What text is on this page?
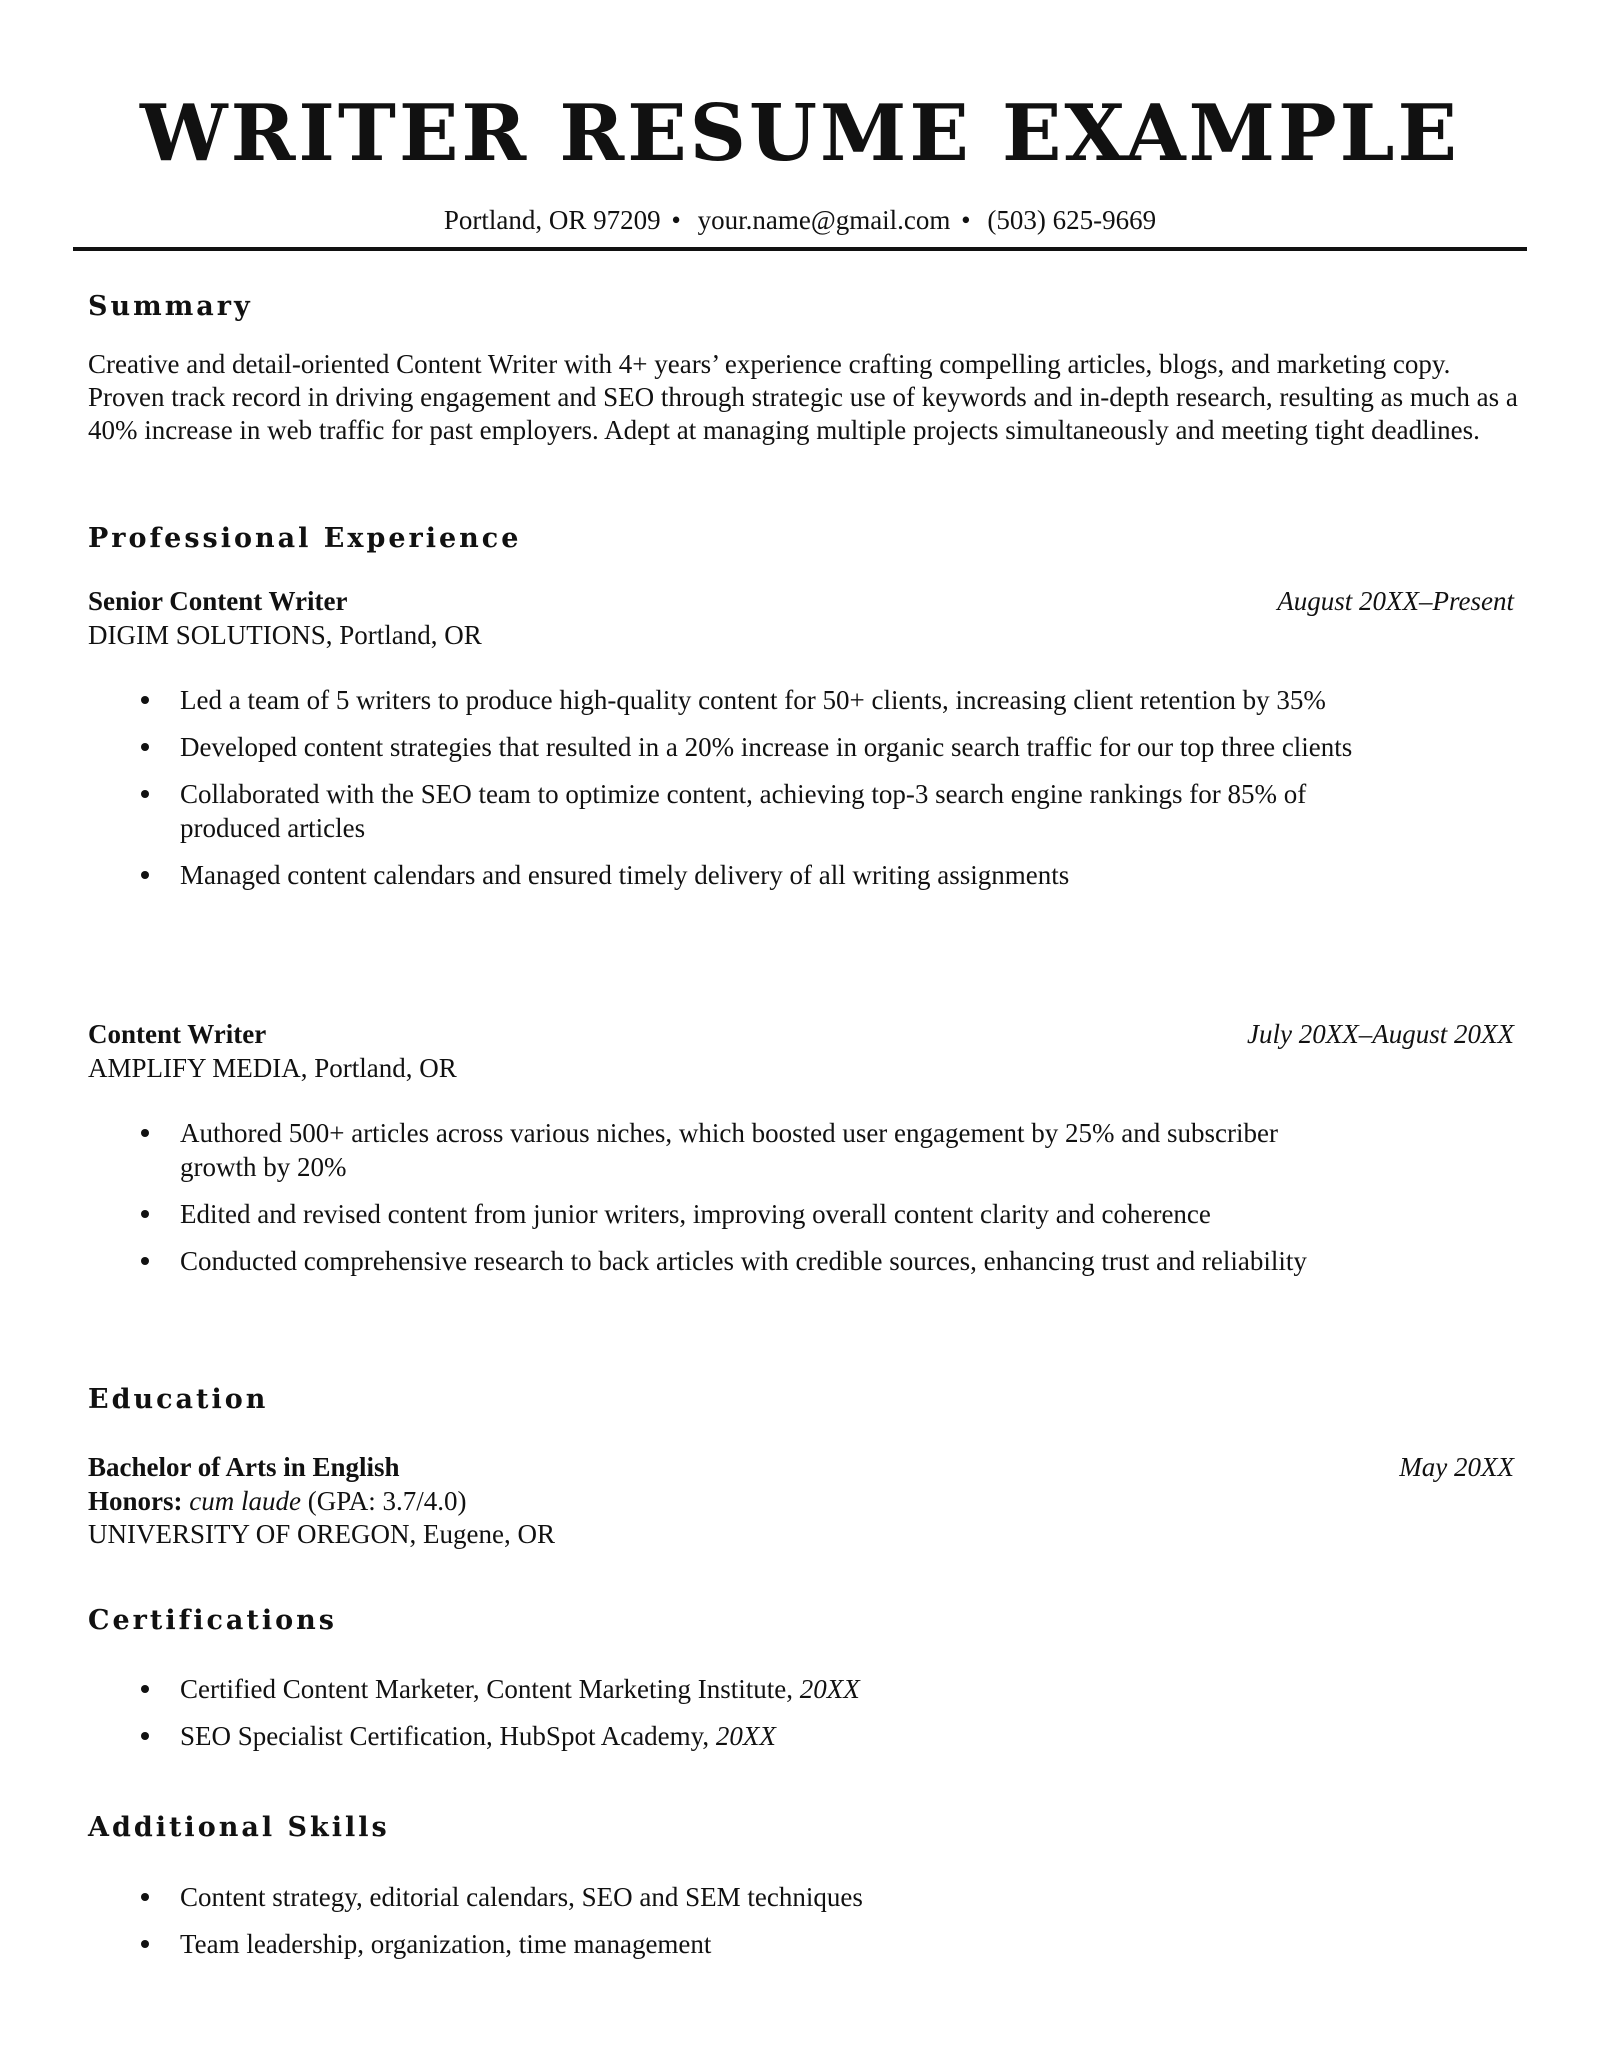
WRITER RESUME EXAMPLE
Portland, OR 97209 • your.name@gmail.com • (503) 625-9669
Summary

Creative and detail-oriented Content Writer with 4+ years’ experience crafting compelling articles, blogs, and marketing copy. Proven track record in driving engagement and SEO through strategic use of keywords and in-depth research, resulting as much as a 40% increase in web traffic for past employers. Adept at managing multiple projects simultaneously and meeting tight deadlines.

Professional Experience
Senior Content Writer	August 20XX–Present
DIGIM SOLUTIONS, Portland, OR
Led a team of 5 writers to produce high-quality content for 50+ clients, increasing client retention by 35%
Developed content strategies that resulted in a 20% increase in organic search traffic for our top three clients
Collaborated with the SEO team to optimize content, achieving top-3 search engine rankings for 85% of produced articles
Managed content calendars and ensured timely delivery of all writing assignments
Content Writer	July 20XX–August 20XX
AMPLIFY MEDIA, Portland, OR
Authored 500+ articles across various niches, which boosted user engagement by 25% and subscriber growth by 20%
Edited and revised content from junior writers, improving overall content clarity and coherence
Conducted comprehensive research to back articles with credible sources, enhancing trust and reliability
Education
Bachelor of Arts in English	May 20XX
Honors: cum laude (GPA: 3.7/4.0)
UNIVERSITY OF OREGON, Eugene, OR
Certifications
Certified Content Marketer, Content Marketing Institute, 20XX
SEO Specialist Certification, HubSpot Academy, 20XX
Additional Skills
Content strategy, editorial calendars, SEO and SEM techniques
Team leadership, organization, time management
